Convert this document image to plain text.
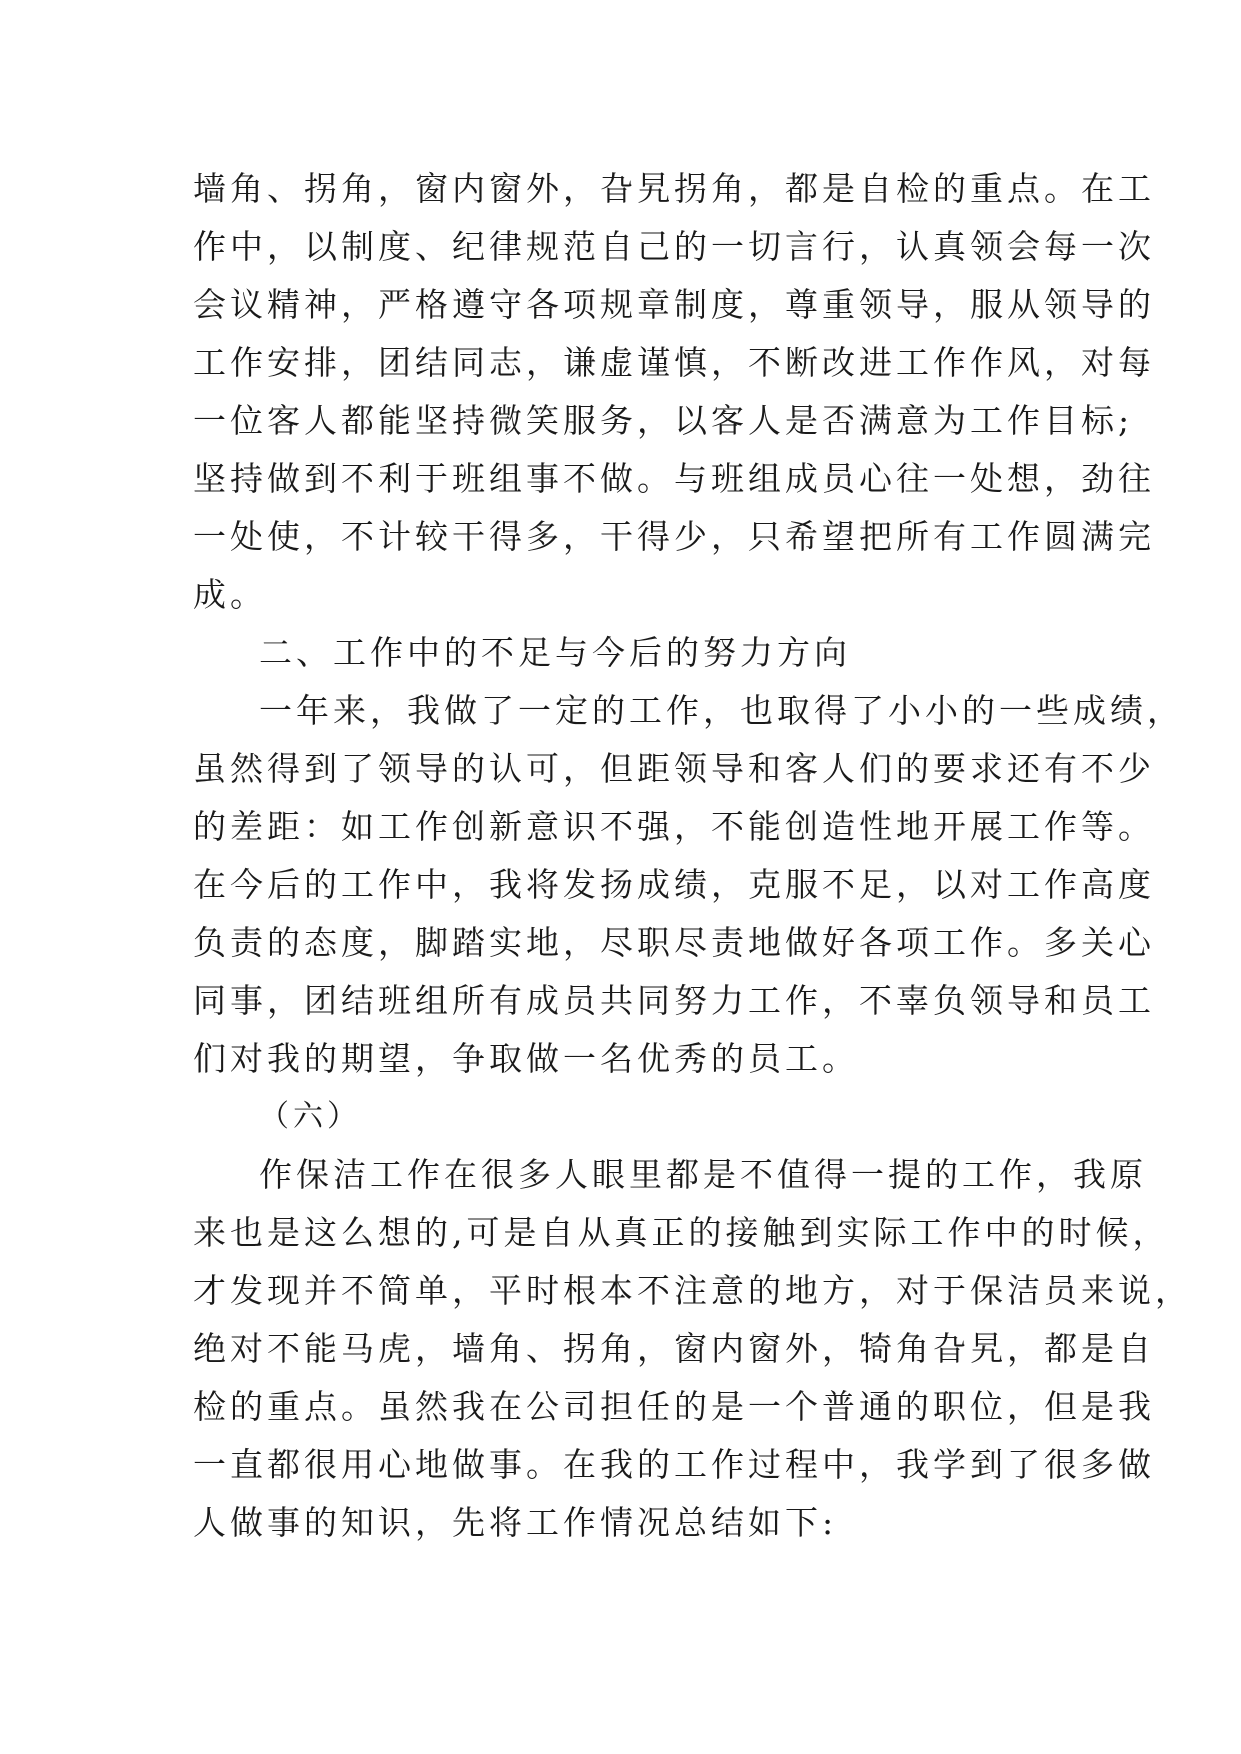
墙角、拐角，窗内窗外，旮旯拐角，都是自检的重点。在工
作中，以制度、纪律规范自己的一切言行，认真领会每一次
会议精神，严格遵守各项规章制度，尊重领导，服从领导的
工作安排，团结同志，谦虚谨慎，不断改进工作作风，对每
一位客人都能坚持微笑服务，以客人是否满意为工作目标;
坚持做到不利于班组事不做。与班组成员心往一处想，劲往
一处使，不计较干得多，干得少，只希望把所有工作圆满完
成。
二、工作中的不足与今后的努力方向
一年来，我做了一定的工作，也取得了小小的一些成绩，
虽然得到了领导的认可，但距领导和客人们的要求还有不少
的差距：如工作创新意识不强，不能创造性地开展工作等。
在今后的工作中，我将发扬成绩，克服不足，以对工作高度
负责的态度，脚踏实地，尽职尽责地做好各项工作。多关心
同事，团结班组所有成员共同努力工作，不辜负领导和员工
们对我的期望，争取做一名优秀的员工。
（六）
作保洁工作在很多人眼里都是不值得一提的工作，我原
来也是这么想的,可是自从真正的接触到实际工作中的时候，
才发现并不简单，平时根本不注意的地方，对于保洁员来说，
绝对不能马虎，墙角、拐角，窗内窗外，犄角旮旯，都是自
检的重点。虽然我在公司担任的是一个普通的职位，但是我
一直都很用心地做事。在我的工作过程中，我学到了很多做
人做事的知识，先将工作情况总结如下:
